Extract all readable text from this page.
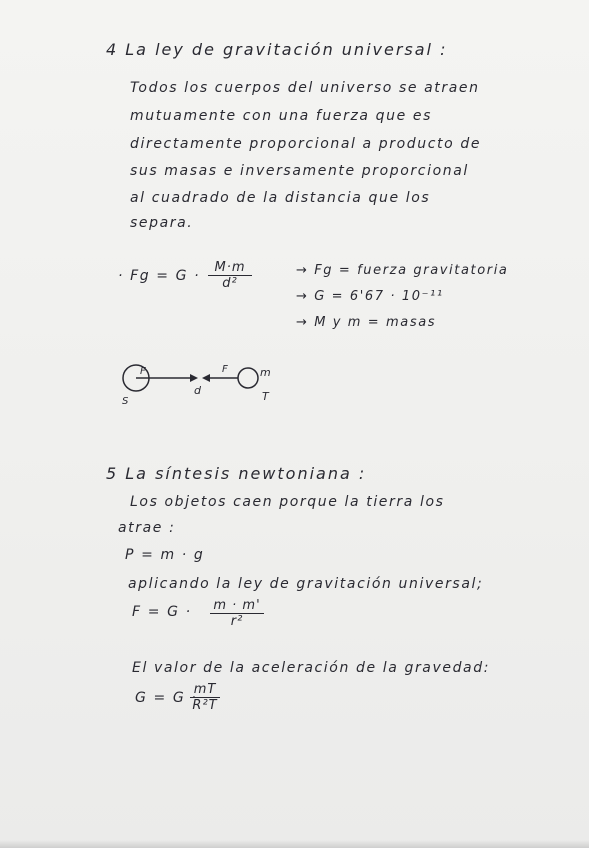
4 La ley de gravitación universal :
Todos los cuerpos del universo se atraen
mutuamente con una fuerza que es
directamente proporcional a producto de
sus masas e inversamente proporcional
al cuadrado de la distancia que los
separa.
· $Fg = G \cdot \frac{M\cdot m}{\text{d²}}$	→ Fg = fuerza gravitatoria
→ G = 6'67 · 10⁻¹¹
→ M y m = masas
F	F
d
m
S	T
5 La síntesis newtoniana :
Los objetos caen porque la tierra los
atrae :
P = m · g
aplicando la ley de gravitación universal;
$F = G \cdot \frac{m \cdot m'}{\text{r²}}$
El valor de la aceleración de la gravedad:
G = G ·
$\frac{mT}{\text{R²T}}$
